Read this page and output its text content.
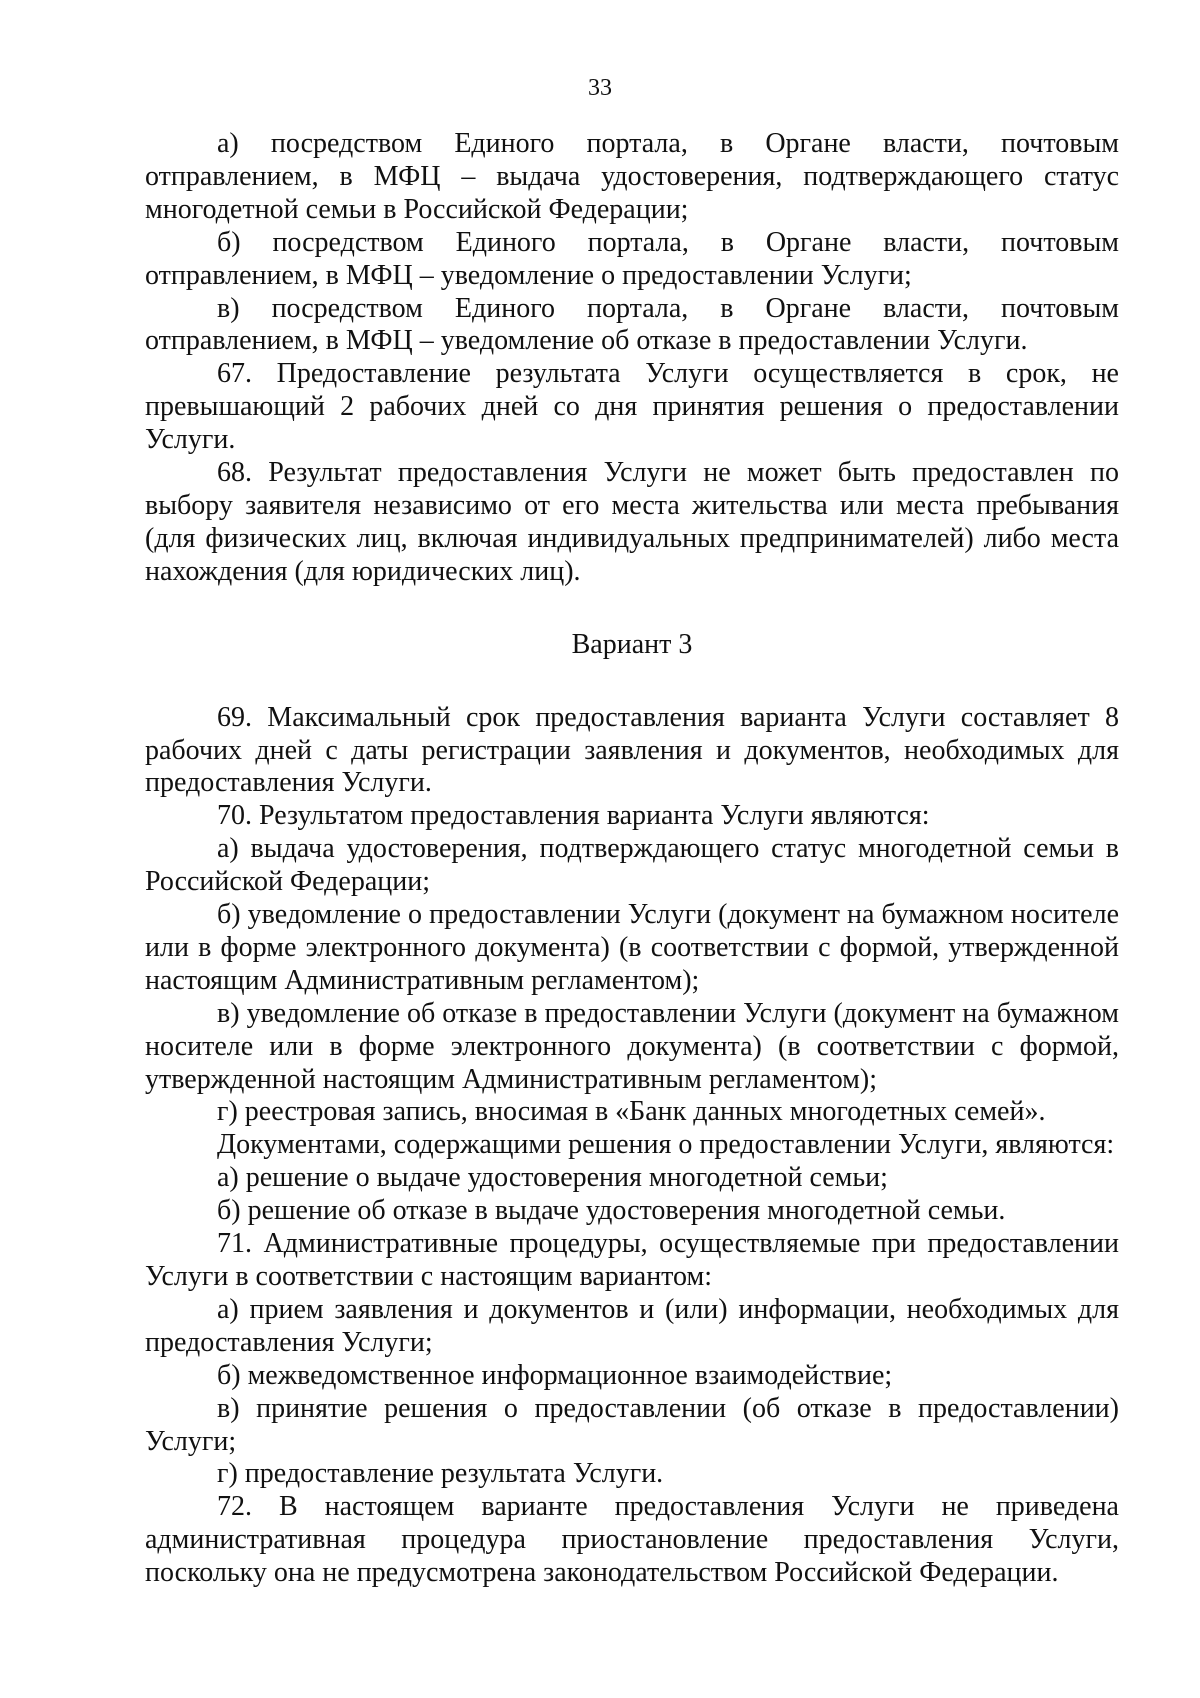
33

а) посредством Единого портала, в Органе власти, почтовым отправлением, в МФЦ – выдача удостоверения, подтверждающего статус многодетной семьи в Российской Федерации;

б) посредством Единого портала, в Органе власти, почтовым отправлением, в МФЦ – уведомление о предоставлении Услуги;

в) посредством Единого портала, в Органе власти, почтовым отправлением, в МФЦ – уведомление об отказе в предоставлении Услуги.

67. Предоставление результата Услуги осуществляется в срок, не превышающий 2 рабочих дней со дня принятия решения о предоставлении Услуги.

68. Результат предоставления Услуги не может быть предоставлен по выбору заявителя независимо от его места жительства или места пребывания (для физических лиц, включая индивидуальных предпринимателей) либо места нахождения (для юридических лиц).

Вариант 3

69. Максимальный срок предоставления варианта Услуги составляет 8 рабочих дней с даты регистрации заявления и документов, необходимых для предоставления Услуги.

70. Результатом предоставления варианта Услуги являются:

а) выдача удостоверения, подтверждающего статус многодетной семьи в Российской Федерации;

б) уведомление о предоставлении Услуги (документ на бумажном носителе или в форме электронного документа) (в соответствии с формой, утвержденной настоящим Административным регламентом);

в) уведомление об отказе в предоставлении Услуги (документ на бумажном носителе или в форме электронного документа) (в соответствии с формой, утвержденной настоящим Административным регламентом);

г) реестровая запись, вносимая в «Банк данных многодетных семей».

Документами, содержащими решения о предоставлении Услуги, являются:

а) решение о выдаче удостоверения многодетной семьи;

б) решение об отказе в выдаче удостоверения многодетной семьи.

71. Административные процедуры, осуществляемые при предоставлении Услуги в соответствии с настоящим вариантом:

а) прием заявления и документов и (или) информации, необходимых для предоставления Услуги;

б) межведомственное информационное взаимодействие;

в) принятие решения о предоставлении (об отказе в предоставлении) Услуги;

г) предоставление результата Услуги.

72. В настоящем варианте предоставления Услуги не приведена административная процедура приостановление предоставления Услуги, поскольку она не предусмотрена законодательством Российской Федерации.
